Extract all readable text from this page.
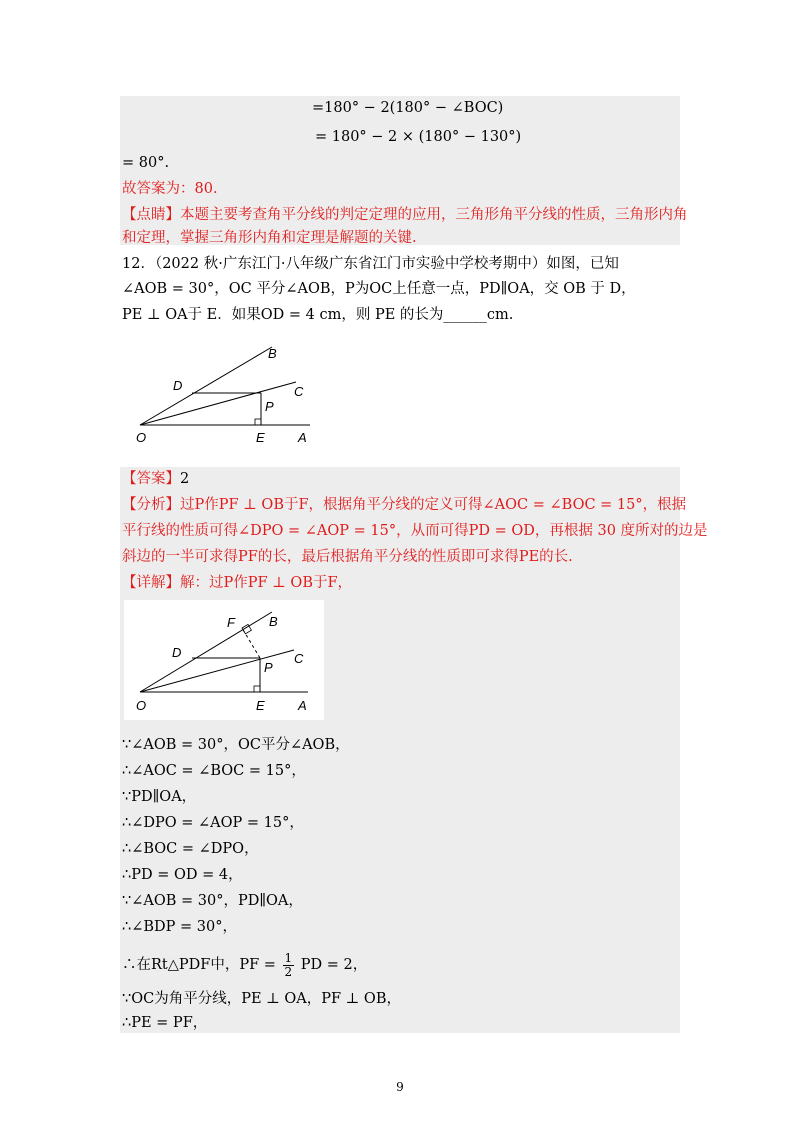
=180° − 2(180° − ∠BOC)
= 180° − 2 × (180° − 130°)
= 80°.
故答案为：80.
【点睛】本题主要考查角平分线的判定定理的应用，三角形角平分线的性质，三角形内角
和定理，掌握三角形内角和定理是解题的关键.
12．（2022 秋·广东江门·八年级广东省江门市实验中学校考期中）如图，已知
∠AOB = 30°，OC 平分∠AOB，P为OC上任意一点，PD∥OA，交 OB 于 D，
PE ⊥ OA于 E．如果OD = 4 cm，则 PE 的长为______cm.
B
D	C
P
O	E	A
【答案】2
【分析】过P作PF ⊥ OB于F，根据角平分线的定义可得∠AOC = ∠BOC = 15°，根据
平行线的性质可得∠DPO = ∠AOP = 15°，从而可得PD = OD，再根据 30 度所对的边是
斜边的一半可求得PF的长，最后根据角平分线的性质即可求得PE的长.
【详解】解：过P作PF ⊥ OB于F，
F	B
D	C
P
O	E	A
∵∠AOB = 30°，OC平分∠AOB，
∴∠AOC = ∠BOC = 15°，
∵PD∥OA，
∴∠DPO = ∠AOP = 15°，
∴∠BOC = ∠DPO，
∴PD = OD = 4，
∵∠AOB = 30°，PD∥OA，
∴∠BDP = 30°，
∴在Rt△PDF中，PF = $\frac{1}{2}$ PD = 2，
∵OC为角平分线，PE ⊥ OA，PF ⊥ OB，
∴PE = PF，
9
